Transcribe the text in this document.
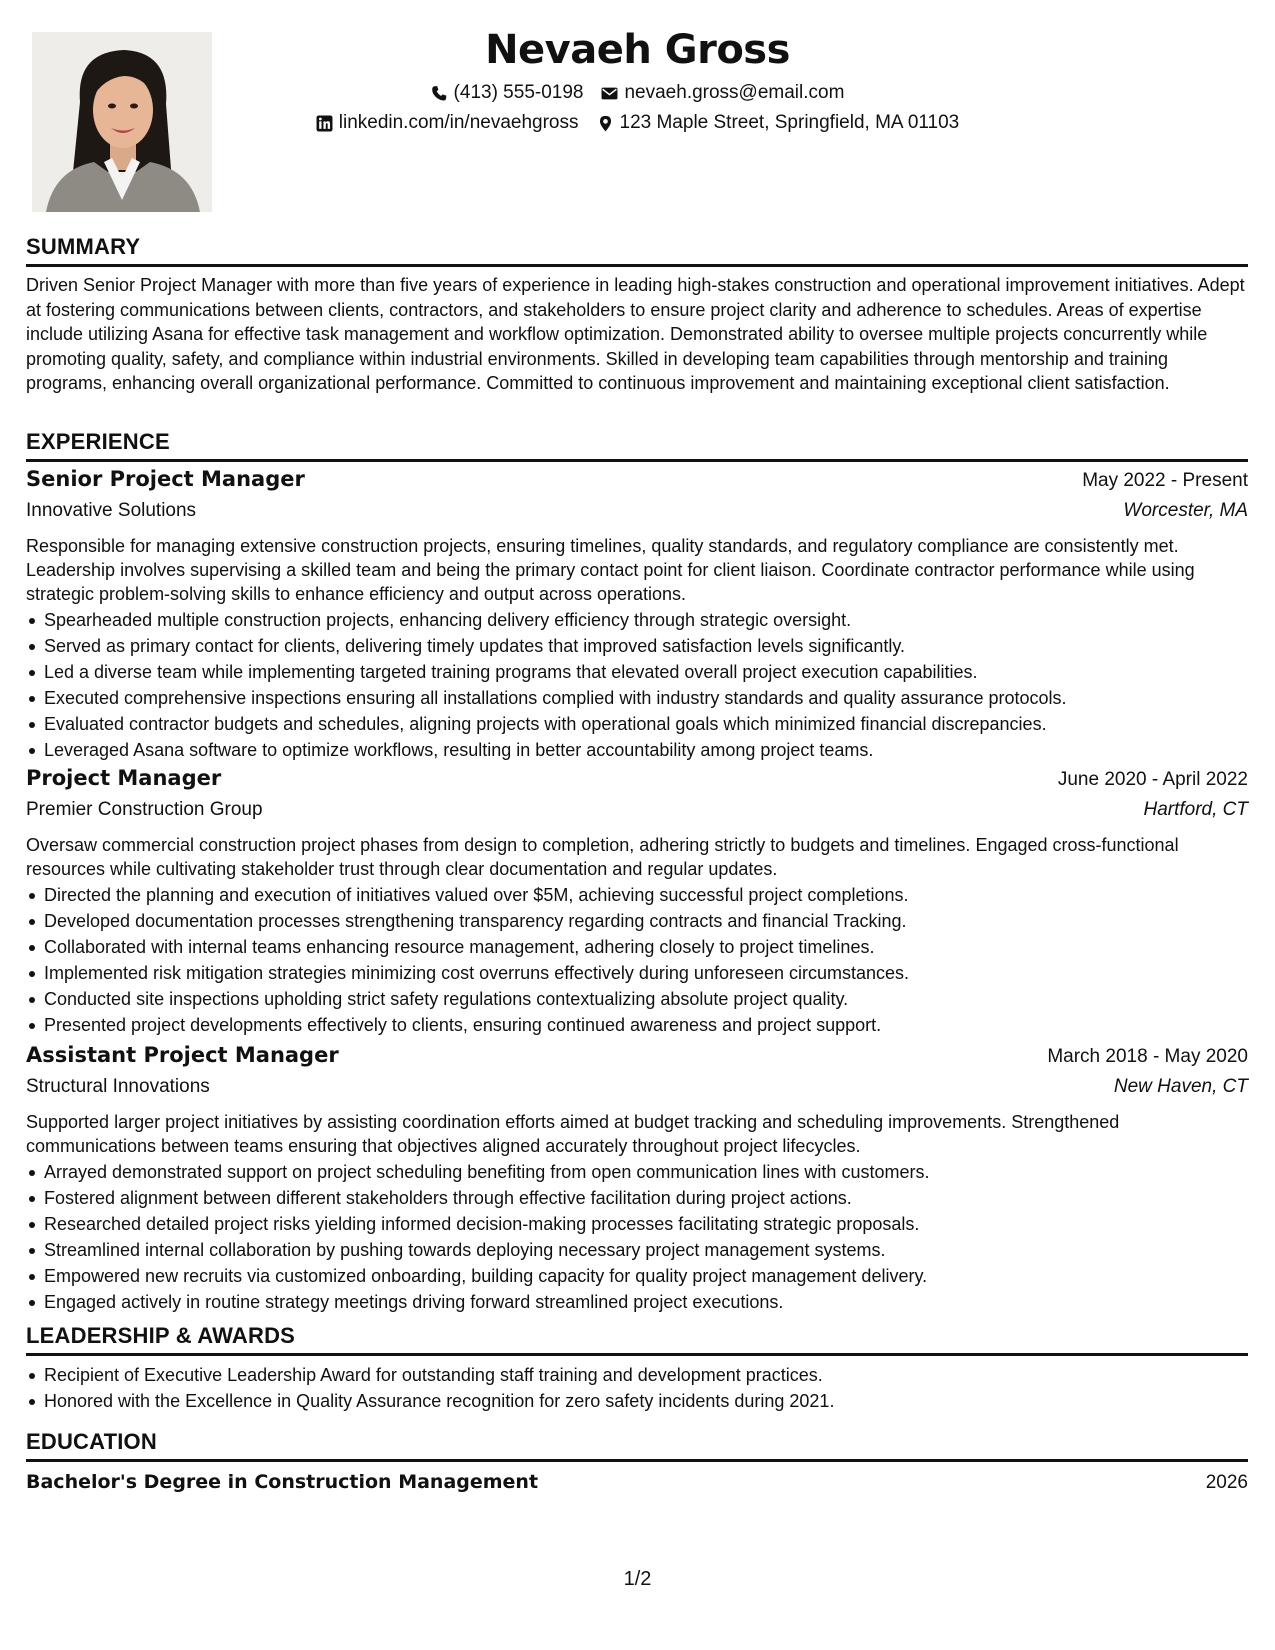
Nevaeh Gross
(413) 555-0198 nevaeh.gross@email.com
linkedin.com/in/nevaehgross 123 Maple Street, Springfield, MA 01103
SUMMARY

Driven Senior Project Manager with more than five years of experience in leading high-stakes construction and operational improvement initiatives. Adept at fostering communications between clients, contractors, and stakeholders to ensure project clarity and adherence to schedules. Areas of expertise include utilizing Asana for effective task management and workflow optimization. Demonstrated ability to oversee multiple projects concurrently while promoting quality, safety, and compliance within industrial environments. Skilled in developing team capabilities through mentorship and training programs, enhancing overall organizational performance. Committed to continuous improvement and maintaining exceptional client satisfaction.

EXPERIENCE
Senior Project Manager	May 2022 - Present
Innovative Solutions	Worcester, MA

Responsible for managing extensive construction projects, ensuring timelines, quality standards, and regulatory compliance are consistently met. Leadership involves supervising a skilled team and being the primary contact point for client liaison. Coordinate contractor performance while using strategic problem-solving skills to enhance efficiency and output across operations.

Spearheaded multiple construction projects, enhancing delivery efficiency through strategic oversight.
Served as primary contact for clients, delivering timely updates that improved satisfaction levels significantly.
Led a diverse team while implementing targeted training programs that elevated overall project execution capabilities.
Executed comprehensive inspections ensuring all installations complied with industry standards and quality assurance protocols.
Evaluated contractor budgets and schedules, aligning projects with operational goals which minimized financial discrepancies.
Leveraged Asana software to optimize workflows, resulting in better accountability among project teams.
Project Manager	June 2020 - April 2022
Premier Construction Group	Hartford, CT

Oversaw commercial construction project phases from design to completion, adhering strictly to budgets and timelines. Engaged cross-functional resources while cultivating stakeholder trust through clear documentation and regular updates.

Directed the planning and execution of initiatives valued over $5M, achieving successful project completions.
Developed documentation processes strengthening transparency regarding contracts and financial Tracking.
Collaborated with internal teams enhancing resource management, adhering closely to project timelines.
Implemented risk mitigation strategies minimizing cost overruns effectively during unforeseen circumstances.
Conducted site inspections upholding strict safety regulations contextualizing absolute project quality.
Presented project developments effectively to clients, ensuring continued awareness and project support.
Assistant Project Manager	March 2018 - May 2020
Structural Innovations	New Haven, CT

Supported larger project initiatives by assisting coordination efforts aimed at budget tracking and scheduling improvements. Strengthened communications between teams ensuring that objectives aligned accurately throughout project lifecycles.

Arrayed demonstrated support on project scheduling benefiting from open communication lines with customers.
Fostered alignment between different stakeholders through effective facilitation during project actions.
Researched detailed project risks yielding informed decision-making processes facilitating strategic proposals.
Streamlined internal collaboration by pushing towards deploying necessary project management systems.
Empowered new recruits via customized onboarding, building capacity for quality project management delivery.
Engaged actively in routine strategy meetings driving forward streamlined project executions.
LEADERSHIP & AWARDS
Recipient of Executive Leadership Award for outstanding staff training and development practices.
Honored with the Excellence in Quality Assurance recognition for zero safety incidents during 2021.
EDUCATION
Bachelor's Degree in Construction Management	2026
1/2
